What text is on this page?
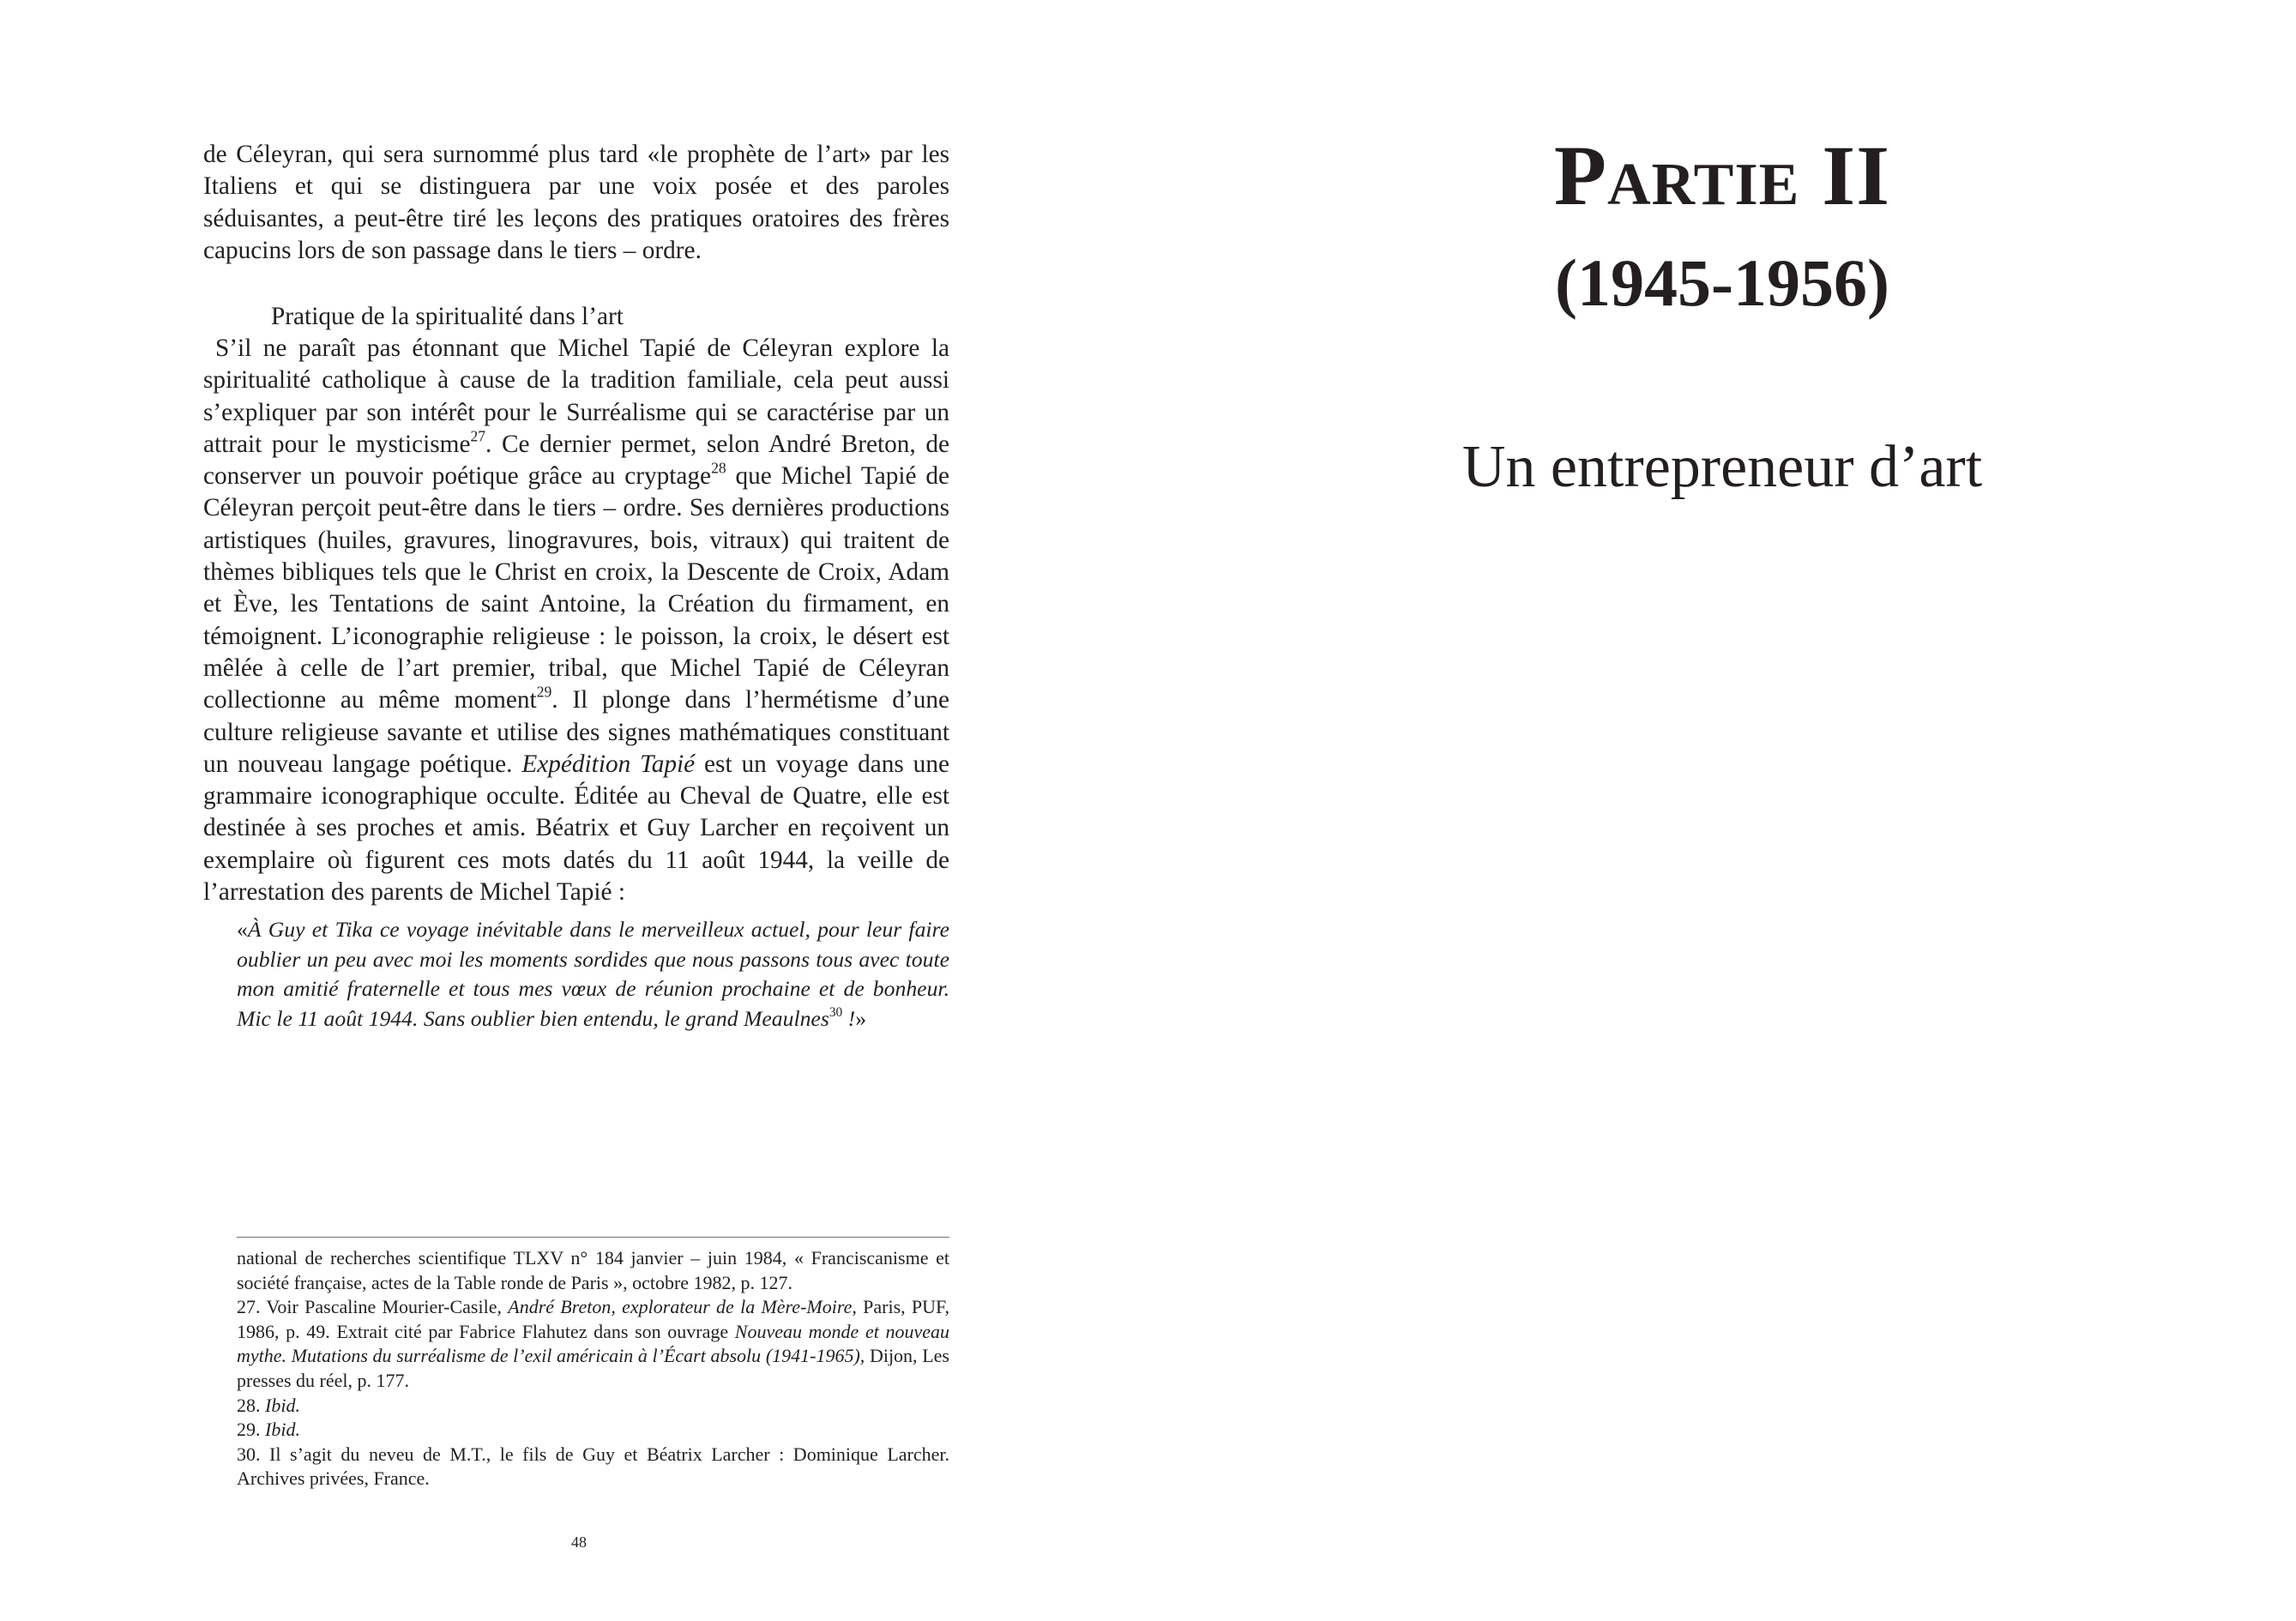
de Céleyran, qui sera surnommé plus tard «le prophète de l’art» par les Italiens et qui se distinguera par une voix posée et des paroles séduisantes, a peut-être tiré les leçons des pratiques oratoires des frères capucins lors de son passage dans le tiers – ordre.

Pratique de la spiritualité dans l’art

S’il ne paraît pas étonnant que Michel Tapié de Céleyran explore la spiritualité catholique à cause de la tradition familiale, cela peut aussi s’expliquer par son intérêt pour le Surréalisme qui se caractérise par un attrait pour le mysticisme$^{27}$. Ce dernier permet, selon André Breton, de conserver un pouvoir poétique grâce au cryptage$^{28}$ que Michel Tapié de Céleyran perçoit peut-être dans le tiers – ordre. Ses dernières productions artistiques (huiles, gravures, linogravures, bois, vitraux) qui traitent de thèmes bibliques tels que le Christ en croix, la Descente de Croix, Adam et Ève, les Tentations de saint Antoine, la Création du firmament, en témoignent. L’iconographie religieuse : le poisson, la croix, le désert est mêlée à celle de l’art premier, tribal, que Michel Tapié de Céleyran collectionne au même moment$^{29}$. Il plonge dans l’hermétisme d’une culture religieuse savante et utilise des signes mathématiques constituant un nouveau langage poétique. Expédition Tapié est un voyage dans une grammaire iconographique occulte. Éditée au Cheval de Quatre, elle est destinée à ses proches et amis. Béatrix et Guy Larcher en reçoivent un exemplaire où figurent ces mots datés du 11 août 1944, la veille de l’arrestation des parents de Michel Tapié :

«À Guy et Tika ce voyage inévitable dans le merveilleux actuel, pour leur faire oublier un peu avec moi les moments sordides que nous passons tous avec toute mon amitié fraternelle et tous mes vœux de réunion prochaine et de bonheur. Mic le 11 août 1944. Sans oublier bien entendu, le grand Meaulnes$^{30}$ !»

national de recherches scientifique TLXV n° 184 janvier – juin 1984, « Franciscanisme et société française, actes de la Table ronde de Paris », octobre 1982, p. 127.

27. Voir Pascaline Mourier-Casile, André Breton, explorateur de la Mère-Moire, Paris, PUF, 1986, p. 49. Extrait cité par Fabrice Flahutez dans son ouvrage Nouveau monde et nouveau mythe. Mutations du surréalisme de l’exil américain à l’Écart absolu (1941-1965), Dijon, Les presses du réel, p. 177.

28. Ibid.

29. Ibid.

30. Il s’agit du neveu de M.T., le fils de Guy et Béatrix Larcher : Dominique Larcher. Archives privées, France.

48
Partie II
(1945-1956)
Un entrepreneur d’art
